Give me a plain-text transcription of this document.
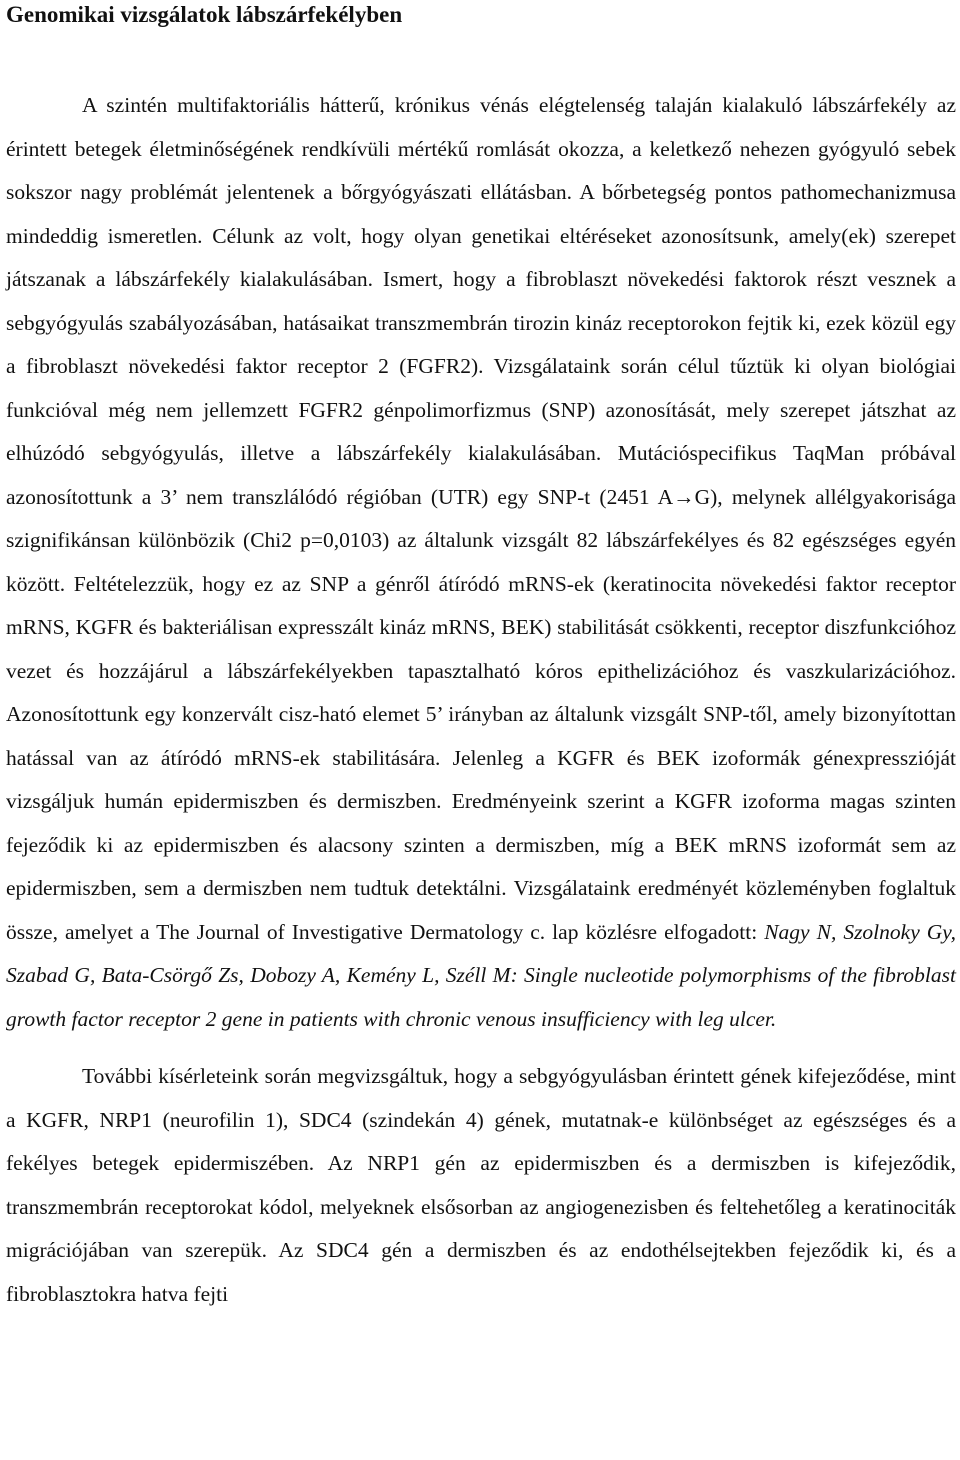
Genomikai vizsgálatok lábszárfekélyben

A szintén multifaktoriális hátterű, krónikus vénás elégtelenség talaján kialakuló lábszárfekély az érintett betegek életminőségének rendkívüli mértékű romlását okozza, a keletkező nehezen gyógyuló sebek sokszor nagy problémát jelentenek a bőrgyógyászati ellátásban. A bőrbetegség pontos pathomechanizmusa mindeddig ismeretlen. Célunk az volt, hogy olyan genetikai eltéréseket azonosítsunk, amely(ek) szerepet játszanak a lábszárfekély kialakulásában. Ismert, hogy a fibroblaszt növekedési faktorok részt vesznek a sebgyógyulás szabályozásában, hatásaikat transzmembrán tirozin kináz receptorokon fejtik ki, ezek közül egy a fibroblaszt növekedési faktor receptor 2 (FGFR2). Vizsgálataink során célul tűztük ki olyan biológiai funkcióval még nem jellemzett FGFR2 génpolimorfizmus (SNP) azonosítását, mely szerepet játszhat az elhúzódó sebgyógyulás, illetve a lábszárfekély kialakulásában. Mutációspecifikus TaqMan próbával azonosítottunk a 3’ nem transzlálódó régióban (UTR) egy SNP-t (2451 A→G), melynek allélgyakorisága szignifikánsan különbözik (Chi2 p=0,0103) az általunk vizsgált 82 lábszárfekélyes és 82 egészséges egyén között. Feltételezzük, hogy ez az SNP a génről átíródó mRNS-ek (keratinocita növekedési faktor receptor mRNS, KGFR és bakteriálisan expresszált kináz mRNS, BEK) stabilitását csökkenti, receptor diszfunkcióhoz vezet és hozzájárul a lábszárfekélyekben tapasztalható kóros epithelizációhoz és vaszkularizációhoz. Azonosítottunk egy konzervált cisz-ható elemet 5’ irányban az általunk vizsgált SNP-től, amely bizonyítottan hatással van az átíródó mRNS-ek stabilitására. Jelenleg a KGFR és BEK izoformák génexpresszióját vizsgáljuk humán epidermiszben és dermiszben. Eredményeink szerint a KGFR izoforma magas szinten fejeződik ki az epidermiszben és alacsony szinten a dermiszben, míg a BEK mRNS izoformát sem az epidermiszben, sem a dermiszben nem tudtuk detektálni. Vizsgálataink eredményét közleményben foglaltuk össze, amelyet a The Journal of Investigative Dermatology c. lap közlésre elfogadott: Nagy N, Szolnoky Gy, Szabad G, Bata-Csörgő Zs, Dobozy A, Kemény L, Széll M: Single nucleotide polymorphisms of the fibroblast growth factor receptor 2 gene in patients with chronic venous insufficiency with leg ulcer.

További kísérleteink során megvizsgáltuk, hogy a sebgyógyulásban érintett gének kifejeződése, mint a KGFR, NRP1 (neurofilin 1), SDC4 (szindekán 4) gének, mutatnak-e különbséget az egészséges és a fekélyes betegek epidermiszében. Az NRP1 gén az epidermiszben és a dermiszben is kifejeződik, transzmembrán receptorokat kódol, melyeknek elsősorban az angiogenezisben és feltehetőleg a keratinociták migrációjában van szerepük. Az SDC4 gén a dermiszben és az endothélsejtekben fejeződik ki, és a fibroblasztokra hatva fejti
